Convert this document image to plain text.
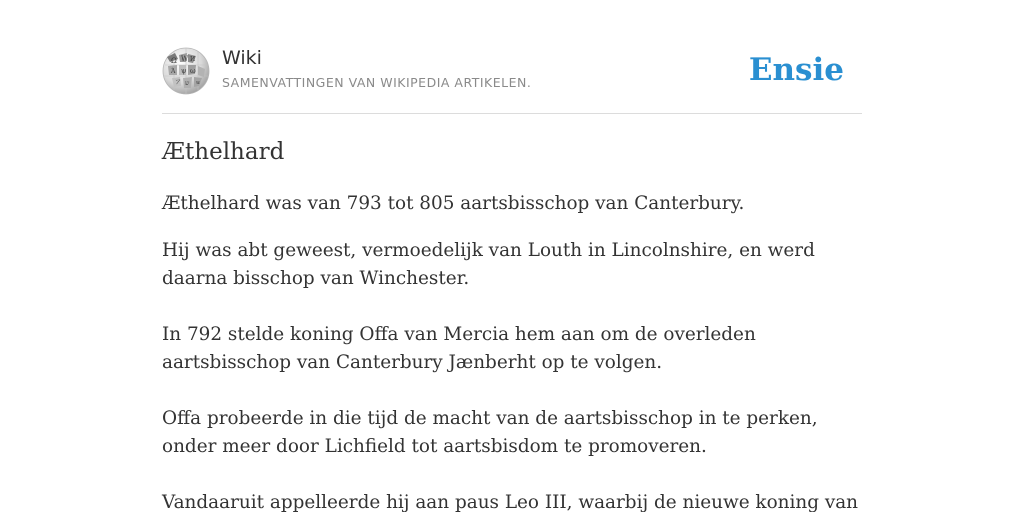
Ω W И
ψ ω
Ά
ש
ア ಅ
Wiki
SAMENVATTINGEN VAN WIKIPEDIA ARTIKELEN.	Ensie
Æthelhard

Æthelhard was van 793 tot 805 aartsbisschop van Canterbury.

Hij was abt geweest, vermoedelijk van Louth in Lincolnshire, en werd daarna bisschop van Winchester.

In 792 stelde koning Offa van Mercia hem aan om de overleden aartsbisschop van Canterbury Jænberht op te volgen.

Offa probeerde in die tijd de macht van de aartsbisschop in te perken, onder meer door Lichfield tot aartsbisdom te promoveren.

Vandaaruit appelleerde hij aan paus Leo III, waarbij de nieuwe koning van
